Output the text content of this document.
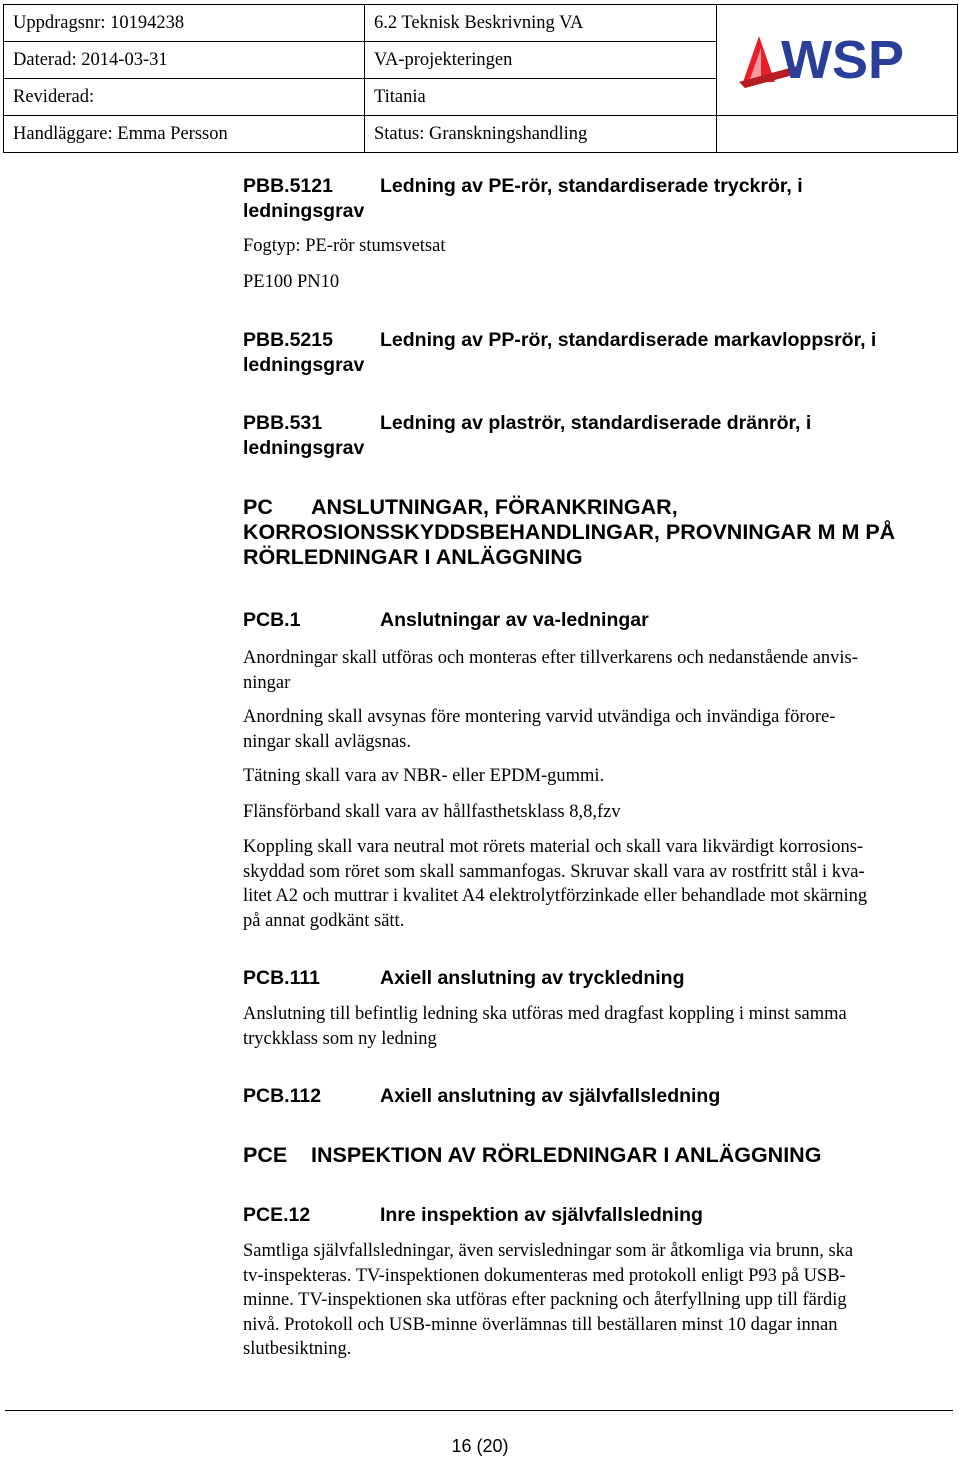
Uppdragsnr: 10194238	6.2 Teknisk Beskrivning VA	WSP

Daterad: 2014-03-31	VA-projekteringen	
Reviderad:	Titania	
Handläggare: Emma Persson	Status: Granskningshandling	
PBB.5121 Ledning av PE-rör, standardiserade tryckrör, i
ledningsgrav
Fogtyp: PE-rör stumsvetsat
PE100 PN10
PBB.5215 Ledning av PP-rör, standardiserade markavloppsrör, i
ledningsgrav
PBB.531	Ledning av plaströr, standardiserade dränrör, i
ledningsgrav
PC ANSLUTNINGAR, FÖRANKRINGAR,
KORROSIONSSKYDDSBEHANDLINGAR, PROVNINGAR M M PÅ
RÖRLEDNINGAR I ANLÄGGNING
PCB.1	Anslutningar av va-ledningar
Anordningar skall utföras och monteras efter tillverkarens och nedanstående anvis-
ningar
Anordning skall avsynas före montering varvid utvändiga och invändiga förore-
ningar skall avlägsnas.
Tätning skall vara av NBR- eller EPDM-gummi.
Flänsförband skall vara av hållfasthetsklass 8,8,fzv
Koppling skall vara neutral mot rörets material och skall vara likvärdigt korrosions-
skyddad som röret som skall sammanfogas. Skruvar skall vara av rostfritt stål i kva-
litet A2 och muttrar i kvalitet A4 elektrolytförzinkade eller behandlade mot skärning
på annat godkänt sätt.
PCB.111	Axiell anslutning av tryckledning
Anslutning till befintlig ledning ska utföras med dragfast koppling i minst samma
tryckklass som ny ledning
PCB.112	Axiell anslutning av självfallsledning
PCE INSPEKTION AV RÖRLEDNINGAR I ANLÄGGNING
PCE.12	Inre inspektion av självfallsledning
Samtliga självfallsledningar, även servisledningar som är åtkomliga via brunn, ska
tv-inspekteras. TV-inspektionen dokumenteras med protokoll enligt P93 på USB-
minne. TV-inspektionen ska utföras efter packning och återfyllning upp till färdig
nivå. Protokoll och USB-minne överlämnas till beställaren minst 10 dagar innan
slutbesiktning.
16 (20)
